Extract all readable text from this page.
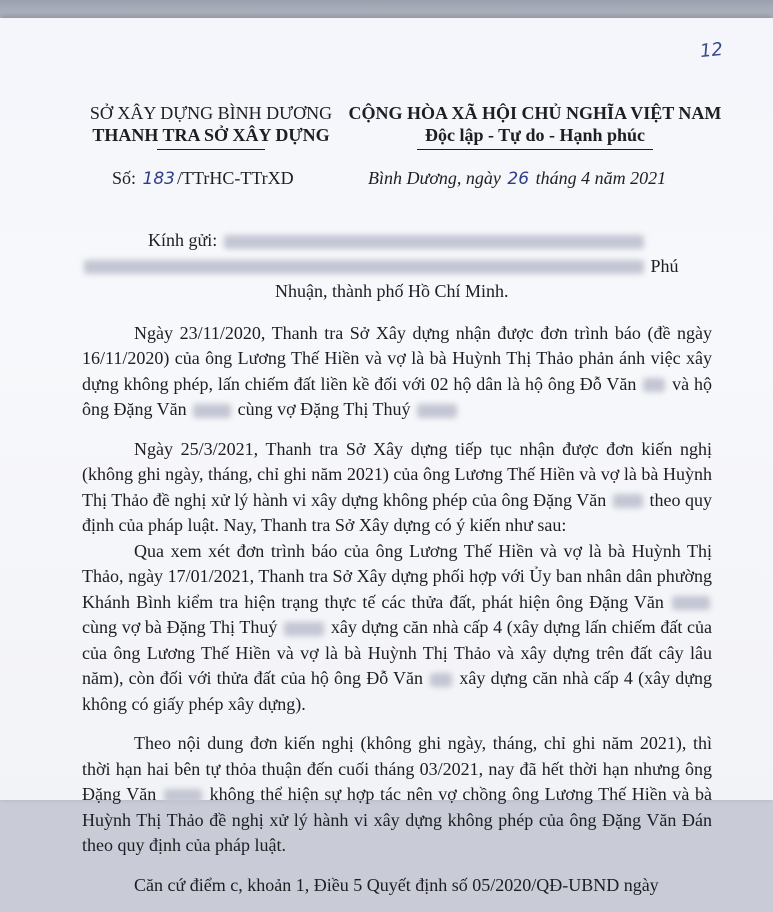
12
SỞ XÂY DỰNG BÌNH DƯƠNG
THANH TRA SỞ XÂY DỰNG
CỘNG HÒA XÃ HỘI CHỦ NGHĨA VIỆT NAM
Độc lập - Tự do - Hạnh phúc
Số: 183 /TTrHC-TTrXD	Bình Dương, ngày 26 tháng 4 năm 2021

Kính gửi:

Phú

Nhuận, thành phố Hồ Chí Minh.

Ngày 23/11/2020, Thanh tra Sở Xây dựng nhận được đơn trình báo (đề ngày 16/11/2020) của ông Lương Thế Hiền và vợ là bà Huỳnh Thị Thảo phản ánh việc xây dựng không phép, lấn chiếm đất liền kề đối với 02 hộ dân là hộ ông Đỗ Văn và hộ ông Đặng Văn	cùng vợ Đặng Thị Thuý

Ngày 25/3/2021, Thanh tra Sở Xây dựng tiếp tục nhận được đơn kiến nghị (không ghi ngày, tháng, chỉ ghi năm 2021) của ông Lương Thế Hiền và vợ là bà Huỳnh Thị Thảo đề nghị xử lý hành vi xây dựng không phép của ông Đặng Văn theo quy định của pháp luật. Nay, Thanh tra Sở Xây dựng có ý kiến như sau:

Qua xem xét đơn trình báo của ông Lương Thế Hiền và vợ là bà Huỳnh Thị Thảo, ngày 17/01/2021, Thanh tra Sở Xây dựng phối hợp với Ủy ban nhân dân phường Khánh Bình kiểm tra hiện trạng thực tế các thửa đất, phát hiện ông Đặng Văn  cùng vợ bà Đặng Thị Thuý	xây dựng căn nhà cấp 4 (xây dựng lấn chiếm đất của của ông Lương Thế Hiền và vợ là bà Huỳnh Thị Thảo và xây dựng trên đất cây lâu năm), còn đối với thửa đất của hộ ông Đỗ Văn xây dựng căn nhà cấp 4 (xây dựng không có giấy phép xây dựng).

Theo nội dung đơn kiến nghị (không ghi ngày, tháng, chỉ ghi năm 2021), thì thời hạn hai bên tự thỏa thuận đến cuối tháng 03/2021, nay đã hết thời hạn nhưng ông Đặng Văn	không thể hiện sự hợp tác nên vợ chồng ông Lương Thế Hiền và bà Huỳnh Thị Thảo đề nghị xử lý hành vi xây dựng không phép của ông Đặng Văn Đán theo quy định của pháp luật.

Căn cứ điểm c, khoản 1, Điều 5 Quyết định số 05/2020/QĐ-UBND ngày
